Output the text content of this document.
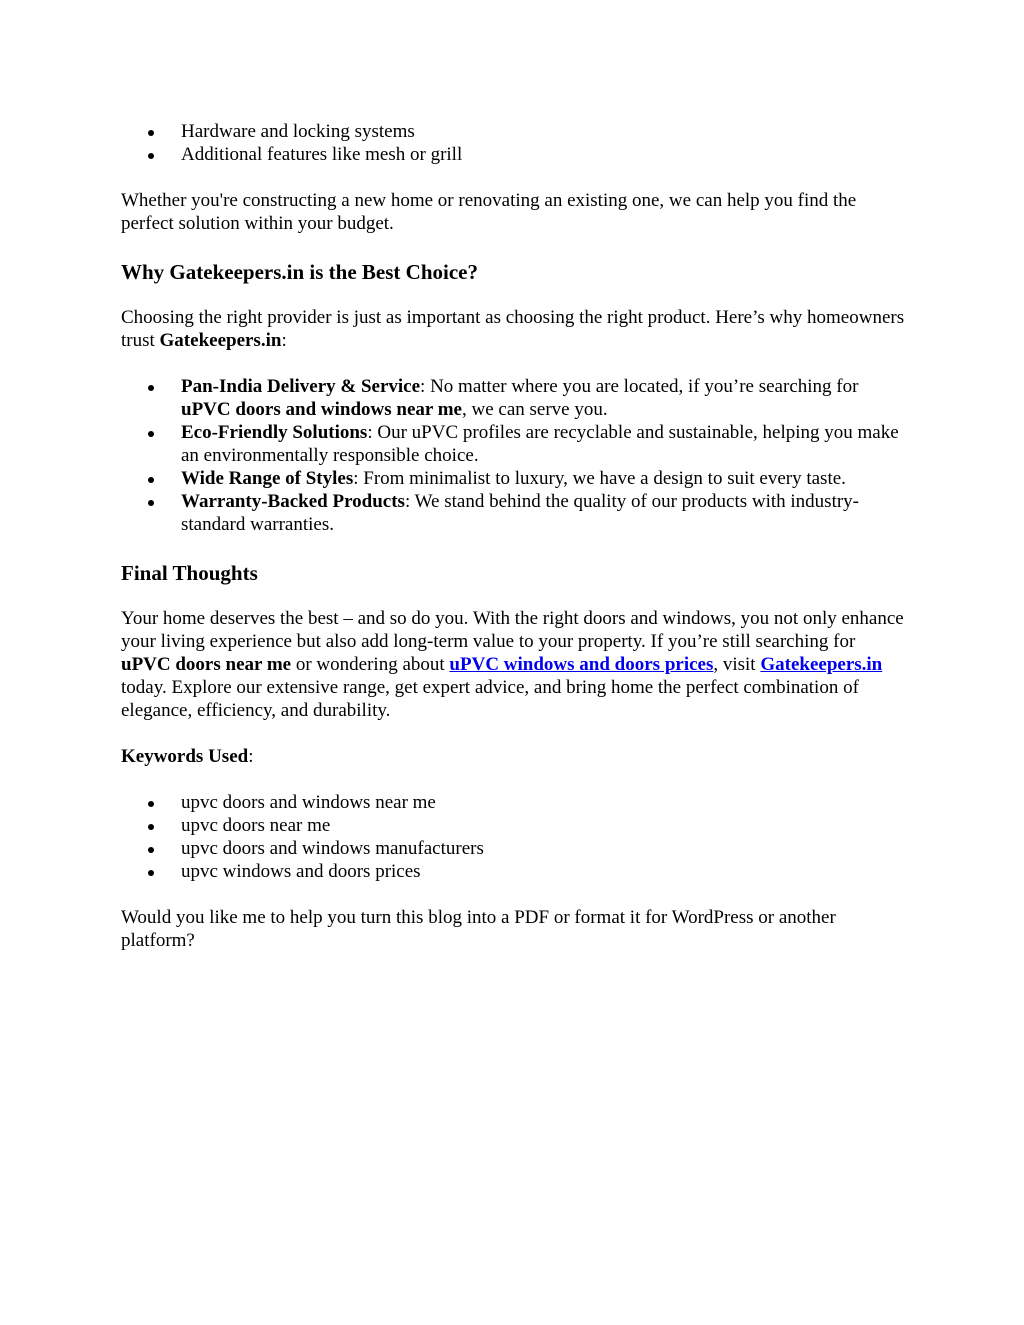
Hardware and locking systems
Additional features like mesh or grill

Whether you're constructing a new home or renovating an existing one, we can help you find the perfect solution within your budget.

Why Gatekeepers.in is the Best Choice?

Choosing the right provider is just as important as choosing the right product. Here’s why homeowners trust Gatekeepers.in:

Pan-India Delivery & Service: No matter where you are located, if you’re searching for uPVC doors and windows near me, we can serve you.
Eco-Friendly Solutions: Our uPVC profiles are recyclable and sustainable, helping you make an environmentally responsible choice.
Wide Range of Styles: From minimalist to luxury, we have a design to suit every taste.
Warranty-Backed Products: We stand behind the quality of our products with industry-standard warranties.
Final Thoughts

Your home deserves the best – and so do you. With the right doors and windows, you not only enhance your living experience but also add long-term value to your property. If you’re still searching for uPVC doors near me or wondering about uPVC windows and doors prices, visit Gatekeepers.in today. Explore our extensive range, get expert advice, and bring home the perfect combination of elegance, efficiency, and durability.

Keywords Used:

upvc doors and windows near me
upvc doors near me
upvc doors and windows manufacturers
upvc windows and doors prices

Would you like me to help you turn this blog into a PDF or format it for WordPress or another platform?
